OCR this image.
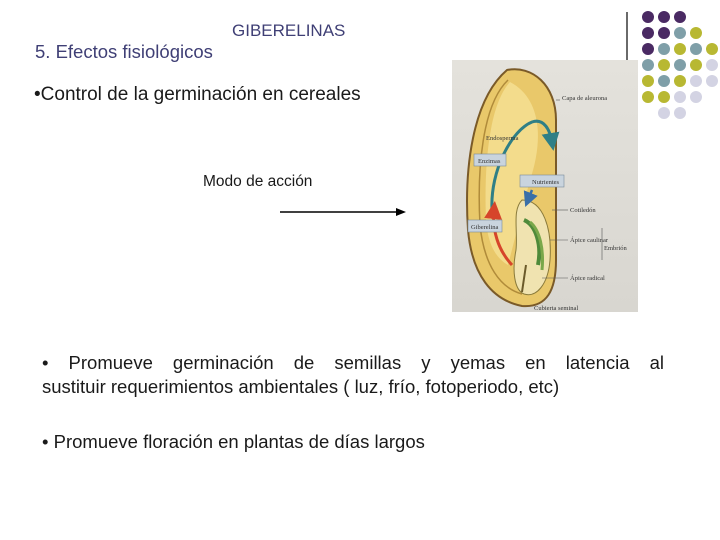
GIBERELINAS
5. Efectos fisiológicos
•Control de la germinación en cereales
Modo de acción
Enzimas
Nutrientes
Giberelina
Endosperma
Capa de aleurona
Cotiledón
Ápice caulinar
Embrión
Ápice radical
Cubierta seminal
• Promueve germinación de semillas y yemas en latencia al
sustituir requerimientos ambientales ( luz, frío, fotoperiodo, etc)
• Promueve floración en plantas de días largos
